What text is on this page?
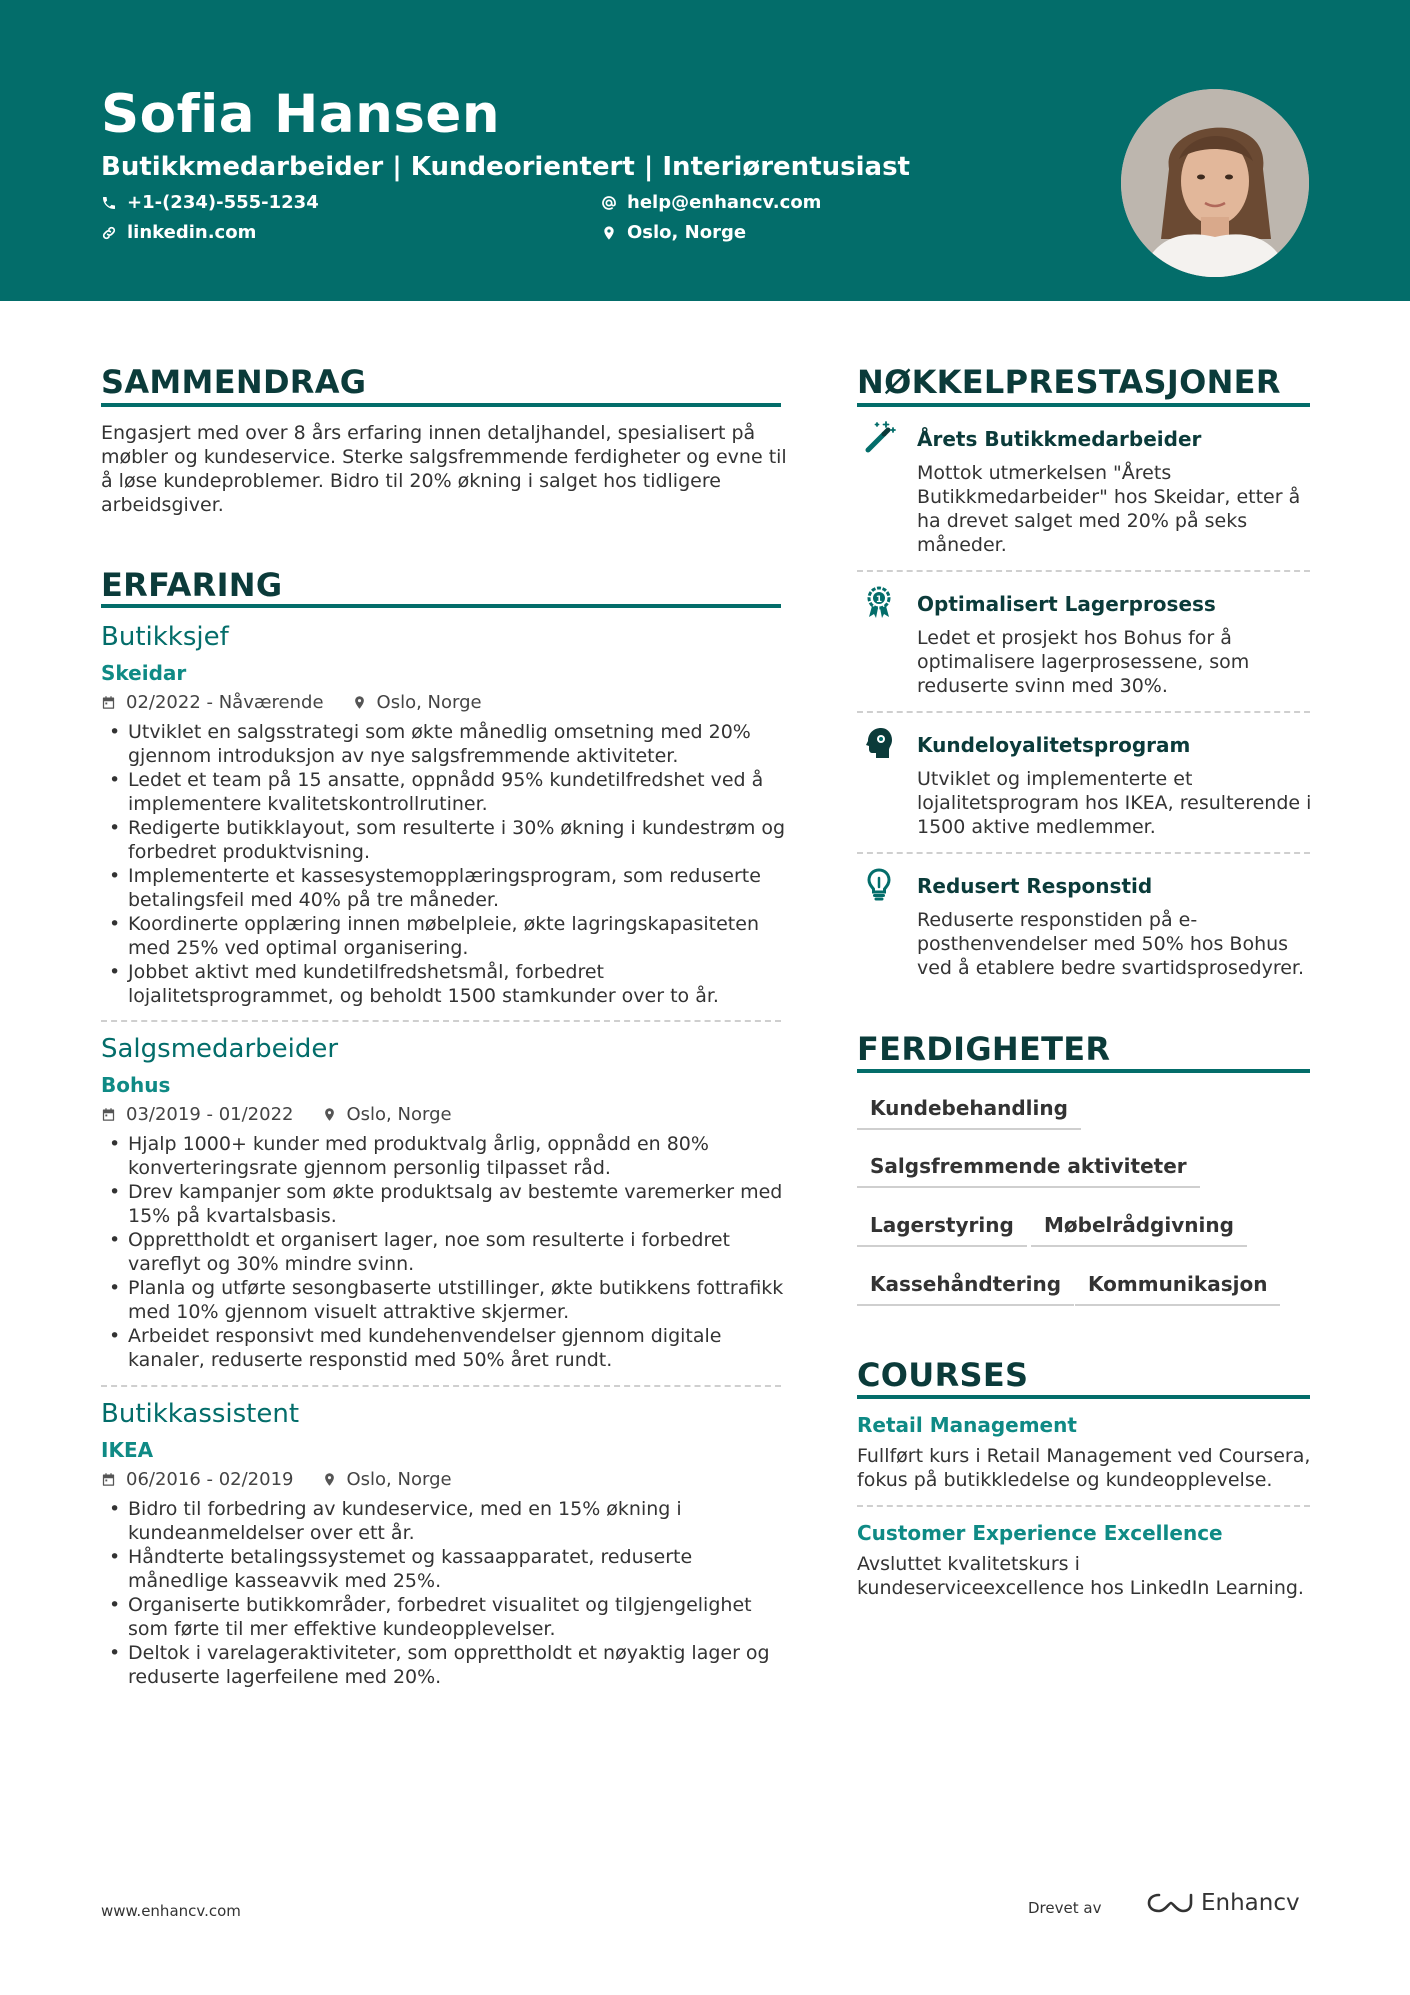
Sofia Hansen
Butikkmedarbeider | Kundeorientert | Interiørentusiast
+1-(234)-555-1234	help@enhancv.com
linkedin.com	Oslo, Norge
SAMMENDRAG
Engasjert med over 8 års erfaring innen detaljhandel, spesialisert på møbler og kundeservice. Sterke salgsfremmende ferdigheter og evne til å løse kundeproblemer. Bidro til 20% økning i salget hos tidligere arbeidsgiver.
ERFARING
Butikksjef
Skeidar
02/2022 - Nåværende	Oslo, Norge
• Utviklet en salgsstrategi som økte månedlig omsetning med 20% gjennom introduksjon av nye salgsfremmende aktiviteter.
• Ledet et team på 15 ansatte, oppnådd 95% kundetilfredshet ved å implementere kvalitetskontrollrutiner.
• Redigerte butikklayout, som resulterte i 30% økning i kundestrøm og forbedret produktvisning.
• Implementerte et kassesystemopplæringsprogram, som reduserte betalingsfeil med 40% på tre måneder.
• Koordinerte opplæring innen møbelpleie, økte lagringskapasiteten med 25% ved optimal organisering.
• Jobbet aktivt med kundetilfredshetsmål, forbedret lojalitetsprogrammet, og beholdt 1500 stamkunder over to år.
Salgsmedarbeider
Bohus
03/2019 - 01/2022	Oslo, Norge
• Hjalp 1000+ kunder med produktvalg årlig, oppnådd en 80% konverteringsrate gjennom personlig tilpasset råd.
• Drev kampanjer som økte produktsalg av bestemte varemerker med 15% på kvartalsbasis.
• Opprettholdt et organisert lager, noe som resulterte i forbedret vareflyt og 30% mindre svinn.
• Planla og utførte sesongbaserte utstillinger, økte butikkens fottrafikk med 10% gjennom visuelt attraktive skjermer.
• Arbeidet responsivt med kundehenvendelser gjennom digitale kanaler, reduserte responstid med 50% året rundt.
Butikkassistent
IKEA
06/2016 - 02/2019	Oslo, Norge
• Bidro til forbedring av kundeservice, med en 15% økning i kundeanmeldelser over ett år.
• Håndterte betalingssystemet og kassaapparatet, reduserte månedlige kasseavvik med 25%.
• Organiserte butikkområder, forbedret visualitet og tilgjengelighet som førte til mer effektive kundeopplevelser.
• Deltok i varelageraktiviteter, som opprettholdt et nøyaktig lager og reduserte lagerfeilene med 20%.
NØKKELPRESTASJONER
Årets Butikkmedarbeider
Mottok utmerkelsen "Årets Butikkmedarbeider" hos Skeidar, etter å ha drevet salget med 20% på seks måneder.
1 Optimalisert Lagerprosess
Ledet et prosjekt hos Bohus for å optimalisere lagerprosessene, som reduserte svinn med 30%.
Kundeloyalitetsprogram
Utviklet og implementerte et lojalitetsprogram hos IKEA, resulterende i 1500 aktive medlemmer.
Redusert Responstid
Reduserte responstiden på e-posthenvendelser med 50% hos Bohus ved å etablere bedre svartidsprosedyrer.
FERDIGHETER
Kundebehandling
Salgsfremmende aktiviteter
Lagerstyring	Møbelrådgivning
Kassehåndtering	Kommunikasjon
COURSES
Retail Management
Fullført kurs i Retail Management ved Coursera, fokus på butikkledelse og kundeopplevelse.
Customer Experience Excellence
Avsluttet kvalitetskurs i kundeserviceexcellence hos LinkedIn Learning.
www.enhancv.com	Drevet av	Enhancv
